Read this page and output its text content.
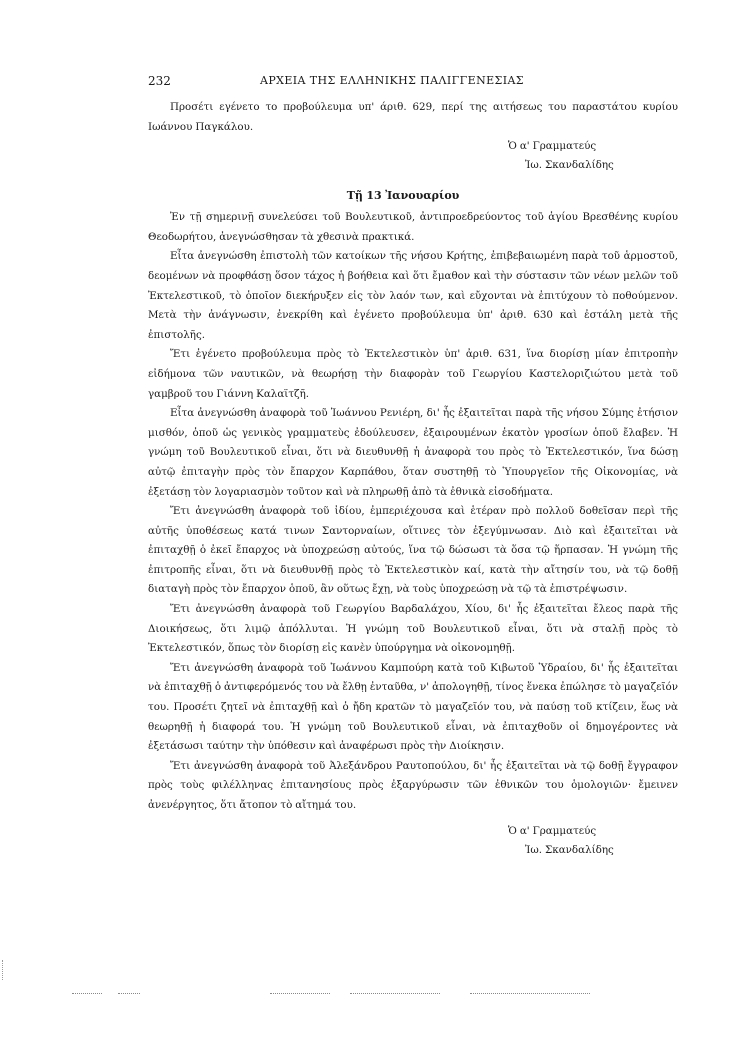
232	ΑΡΧΕΙΑ ΤΗΣ ΕΛΛΗΝΙΚΗΣ ΠΑΛΙΓΓΕΝΕΣΙΑΣ

Προσέτι εγένετο το προβούλευμα υπ' άριθ. 629, περί της αιτήσεως του παραστάτου κυρίου Ιωάννου Παγκάλου.

Ὁ α' Γραμματεύς

Ἰω. Σκανδαλίδης

Τῇ 13 Ἰανουαρίου

Ἐν τῇ σημερινῇ συνελεύσει τοῦ Βουλευτικοῦ, ἀντιπροεδρεύοντος τοῦ ἁγίου Βρεσθένης κυρίου Θεοδωρήτου, ἀνεγνώσθησαν τὰ χθεσινὰ πρακτικά.

Εἶτα ἀνεγνώσθη ἐπιστολὴ τῶν κατοίκων τῆς νήσου Κρήτης, ἐπιβεβαιωμένη παρὰ τοῦ ἁρμοστοῦ, δεομένων νὰ προφθάσῃ ὅσον τάχος ἡ βοήθεια καὶ ὅτι ἔμαθον καὶ τὴν σύστασιν τῶν νέων μελῶν τοῦ Ἐκτελεστικοῦ, τὸ ὁποῖον διεκήρυξεν εἰς τὸν λαόν των, καὶ εὔχονται νὰ ἐπιτύχουν τὸ ποθούμενον. Μετὰ τὴν ἀνάγνωσιν, ἐνεκρίθη καὶ ἐγένετο προβούλευμα ὑπ' ἀριθ. 630 καὶ ἐστάλη μετὰ τῆς ἐπιστολῆς.

Ἔτι ἐγένετο προβούλευμα πρὸς τὸ Ἐκτελεστικὸν ὑπ' ἀριθ. 631, ἵνα διορίσῃ μίαν ἐπιτροπὴν εἰδήμονα τῶν ναυτικῶν, νὰ θεωρήσῃ τὴν διαφορὰν τοῦ Γεωργίου Καστελοριζιώτου μετὰ τοῦ γαμβροῦ του Γιάννη Καλαϊτζῆ.

Εἶτα ἀνεγνώσθη ἀναφορὰ τοῦ Ἰωάννου Ρενιέρη, δι' ἧς ἐξαιτεῖται παρὰ τῆς νήσου Σύμης ἐτήσιον μισθόν, ὁποῦ ὡς γενικὸς γραμματεὺς ἐδούλευσεν, ἐξαιρουμένων ἑκατὸν γροσίων ὁποῦ ἔλαβεν. Ἡ γνώμη τοῦ Βουλευτικοῦ εἶναι, ὅτι νὰ διευθυνθῇ ἡ ἀναφορὰ του πρὸς τὸ Ἐκτελεστικόν, ἵνα δώσῃ αὐτῷ ἐπιταγὴν πρὸς τὸν ἔπαρχον Καρπάθου, ὅταν συστηθῇ τὸ Ὑπουργεῖον τῆς Οἰκονομίας, νὰ ἐξετάσῃ τὸν λογαριασμὸν τοῦτον καὶ νὰ πληρωθῇ ἀπὸ τὰ ἐθνικὰ εἰσοδήματα.

Ἔτι ἀνεγνώσθη ἀναφορὰ τοῦ ἰδίου, ἐμπεριέχουσα καὶ ἑτέραν πρὸ πολλοῦ δοθεῖσαν περὶ τῆς αὐτῆς ὑποθέσεως κατά τινων Σαντορναίων, οἵτινες τὸν ἐξεγύμνωσαν. Διὸ καὶ ἐξαιτεῖται νὰ ἐπιταχθῇ ὁ ἐκεῖ ἔπαρχος νὰ ὑποχρεώσῃ αὐτούς, ἵνα τῷ δώσωσι τὰ ὅσα τῷ ἥρπασαν. Ἡ γνώμη τῆς ἐπιτροπῆς εἶναι, ὅτι νὰ διευθυνθῇ πρὸς τὸ Ἐκτελεστικὸν καί, κατὰ τὴν αἴτησίν του, νὰ τῷ δοθῇ διαταγὴ πρὸς τὸν ἔπαρχον ὁποῦ, ἂν οὕτως ἔχῃ, νὰ τοὺς ὑποχρεώσῃ νὰ τῷ τὰ ἐπιστρέψωσιν.

Ἔτι ἀνεγνώσθη ἀναφορὰ τοῦ Γεωργίου Βαρδαλάχου, Χίου, δι' ἧς ἐξαιτεῖται ἔλεος παρὰ τῆς Διοικήσεως, ὅτι λιμῷ ἀπόλλυται. Ἡ γνώμη τοῦ Βουλευτικοῦ εἶναι, ὅτι νὰ σταλῇ πρὸς τὸ Ἐκτελεστικόν, ὅπως τὸν διορίσῃ εἰς κανὲν ὑπούργημα νὰ οἰκονομηθῇ.

Ἔτι ἀνεγνώσθη ἀναφορὰ τοῦ Ἰωάννου Καμπούρη κατὰ τοῦ Κιβωτοῦ Ὑδραίου, δι' ἧς ἐξαιτεῖται νὰ ἐπιταχθῇ ὁ ἀντιφερόμενός του νὰ ἔλθῃ ἐνταῦθα, ν' ἀπολογηθῇ, τίνος ἕνεκα ἐπώλησε τὸ μαγαζεῖόν του. Προσέτι ζητεῖ νὰ ἐπιταχθῇ καὶ ὁ ἤδη κρατῶν τὸ μαγαζεῖόν του, νὰ παύσῃ τοῦ κτίζειν, ἕως νὰ θεωρηθῇ ἡ διαφορά του. Ἡ γνώμη τοῦ Βουλευτικοῦ εἶναι, νὰ ἐπιταχθοῦν οἱ δημογέροντες νὰ ἐξετάσωσι ταύτην τὴν ὑπόθεσιν καὶ ἀναφέρωσι πρὸς τὴν Διοίκησιν.

Ἔτι ἀνεγνώσθη ἀναφορὰ τοῦ Ἀλεξάνδρου Ραυτοπούλου, δι' ἧς ἐξαιτεῖται νὰ τῷ δοθῇ ἔγγραφον πρὸς τοὺς φιλέλληνας ἐπιτανησίους πρὸς ἐξαργύρωσιν τῶν ἐθνικῶν του ὁμολογιῶν· ἔμεινεν ἀνενέργητος, ὅτι ἄτοπον τὸ αἴτημά του.

Ὁ α' Γραμματεύς

Ἰω. Σκανδαλίδης
